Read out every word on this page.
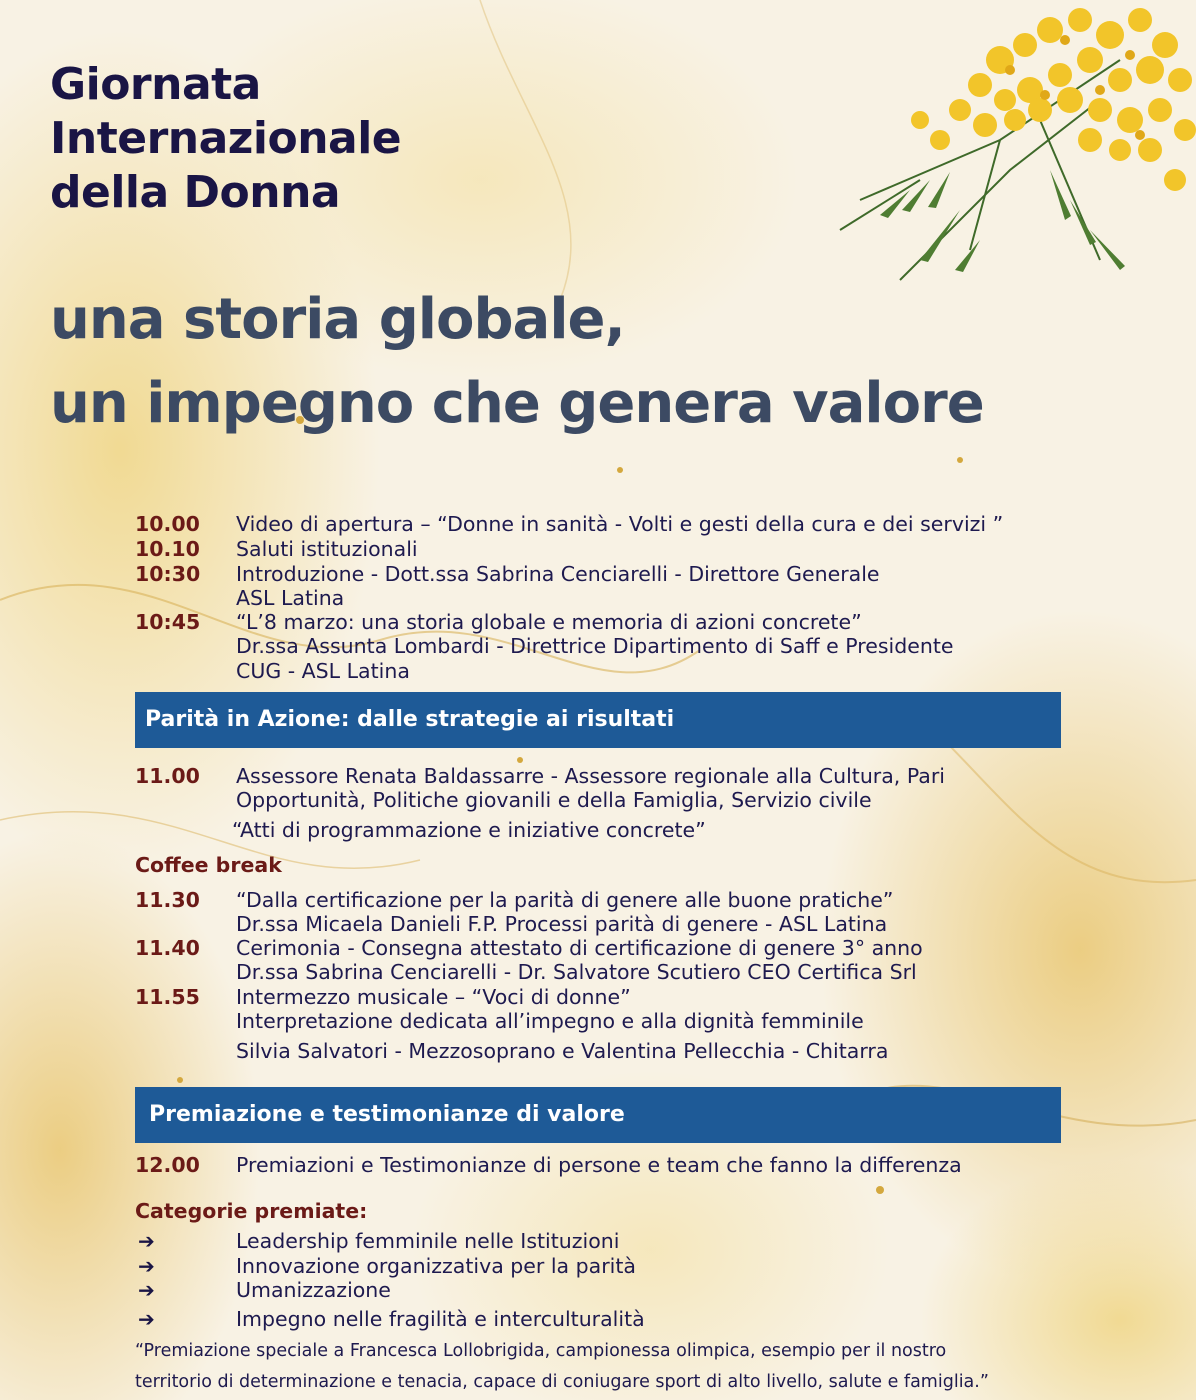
Giornata
Internazionale
della Donna
una storia globale,
un impegno che genera valore
10.00 Video di apertura – “Donne in sanità - Volti e gesti della cura e dei servizi ”
10.10 Saluti istituzionali
10:30 Introduzione - Dott.ssa Sabrina Cenciarelli - Direttore Generale
ASL Latina
10:45 “L’8 marzo: una storia globale e memoria di azioni concrete”
Dr.ssa Assunta Lombardi - Direttrice Dipartimento di Saff e Presidente
CUG - ASL Latina
Parità in Azione: dalle strategie ai risultati
11.00 Assessore Renata Baldassarre - Assessore regionale alla Cultura, Pari
Opportunità, Politiche giovanili e della Famiglia, Servizio civile
“Atti di programmazione e iniziative concrete”
Coffee break
11.30 “Dalla certificazione per la parità di genere alle buone pratiche”
Dr.ssa Micaela Danieli F.P. Processi parità di genere - ASL Latina
11.40 Cerimonia - Consegna attestato di certificazione di genere 3° anno
Dr.ssa Sabrina Cenciarelli - Dr. Salvatore Scutiero CEO Certifica Srl
11.55 Intermezzo musicale – “Voci di donne”
Interpretazione dedicata all’impegno e alla dignità femminile
Silvia Salvatori - Mezzosoprano e Valentina Pellecchia - Chitarra
Premiazione e testimonianze di valore
12.00 Premiazioni e Testimonianze di persone e team che fanno la differenza
Categorie premiate:
➔	Leadership femminile nelle Istituzioni
➔	Innovazione organizzativa per la parità
➔	Umanizzazione
➔	Impegno nelle fragilità e interculturalità
“Premiazione speciale a Francesca Lollobrigida, campionessa olimpica, esempio per il nostro
territorio di determinazione e tenacia, capace di coniugare sport di alto livello, salute e famiglia.”
